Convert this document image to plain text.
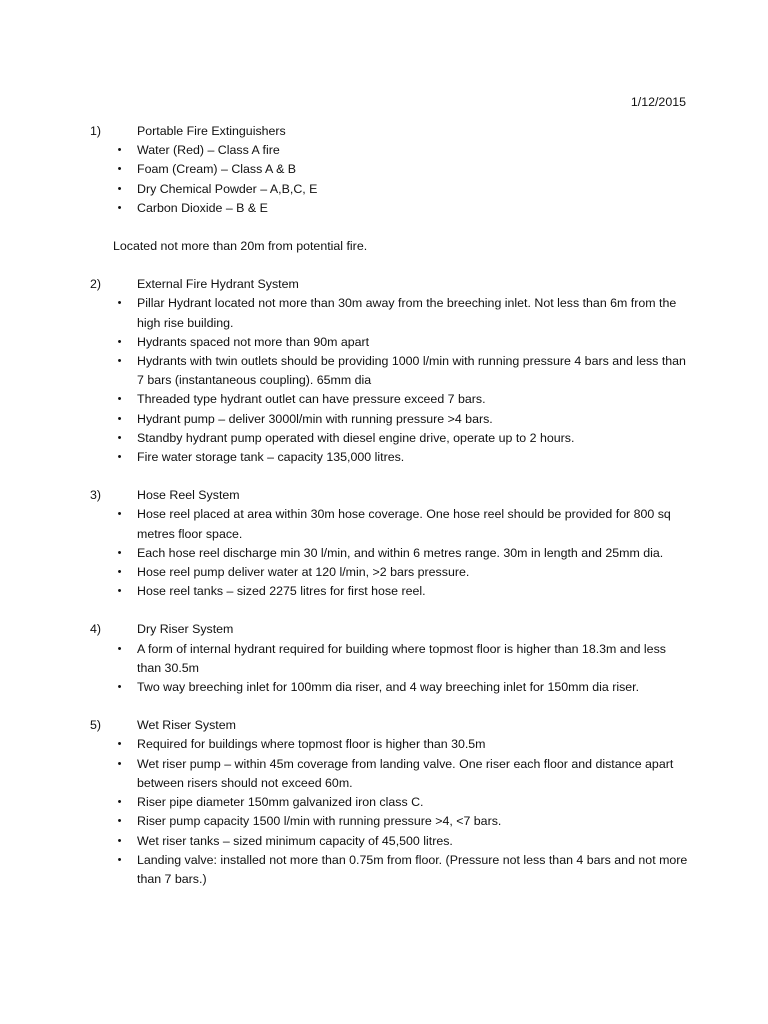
1/12/2015
1)	Portable Fire Extinguishers
• Water (Red) – Class A fire
• Foam (Cream) – Class A & B
• Dry Chemical Powder – A,B,C, E
• Carbon Dioxide – B & E
Located not more than 20m from potential fire.
2)	External Fire Hydrant System
• Pillar Hydrant located not more than 30m away from the breeching inlet. Not less than 6m from the high rise building.
• Hydrants spaced not more than 90m apart
• Hydrants with twin outlets should be providing 1000 l/min with running pressure 4 bars and less than 7 bars (instantaneous coupling). 65mm dia
• Threaded type hydrant outlet can have pressure exceed 7 bars.
• Hydrant pump – deliver 3000l/min with running pressure >4 bars.
• Standby hydrant pump operated with diesel engine drive, operate up to 2 hours.
• Fire water storage tank – capacity 135,000 litres.
3)	Hose Reel System
• Hose reel placed at area within 30m hose coverage. One hose reel should be provided for 800 sq metres floor space.
• Each hose reel discharge min 30 l/min, and within 6 metres range. 30m in length and 25mm dia.
• Hose reel pump deliver water at 120 l/min, >2 bars pressure.
• Hose reel tanks – sized 2275 litres for first hose reel.
4)	Dry Riser System
• A form of internal hydrant required for building where topmost floor is higher than 18.3m and less than 30.5m
• Two way breeching inlet for 100mm dia riser, and 4 way breeching inlet for 150mm dia riser.
5)	Wet Riser System
• Required for buildings where topmost floor is higher than 30.5m
• Wet riser pump – within 45m coverage from landing valve. One riser each floor and distance apart between risers should not exceed 60m.
• Riser pipe diameter 150mm galvanized iron class C.
• Riser pump capacity 1500 l/min with running pressure >4, <7 bars.
• Wet riser tanks – sized minimum capacity of 45,500 litres.
• Landing valve: installed not more than 0.75m from floor. (Pressure not less than 4 bars and not more than 7 bars.)
